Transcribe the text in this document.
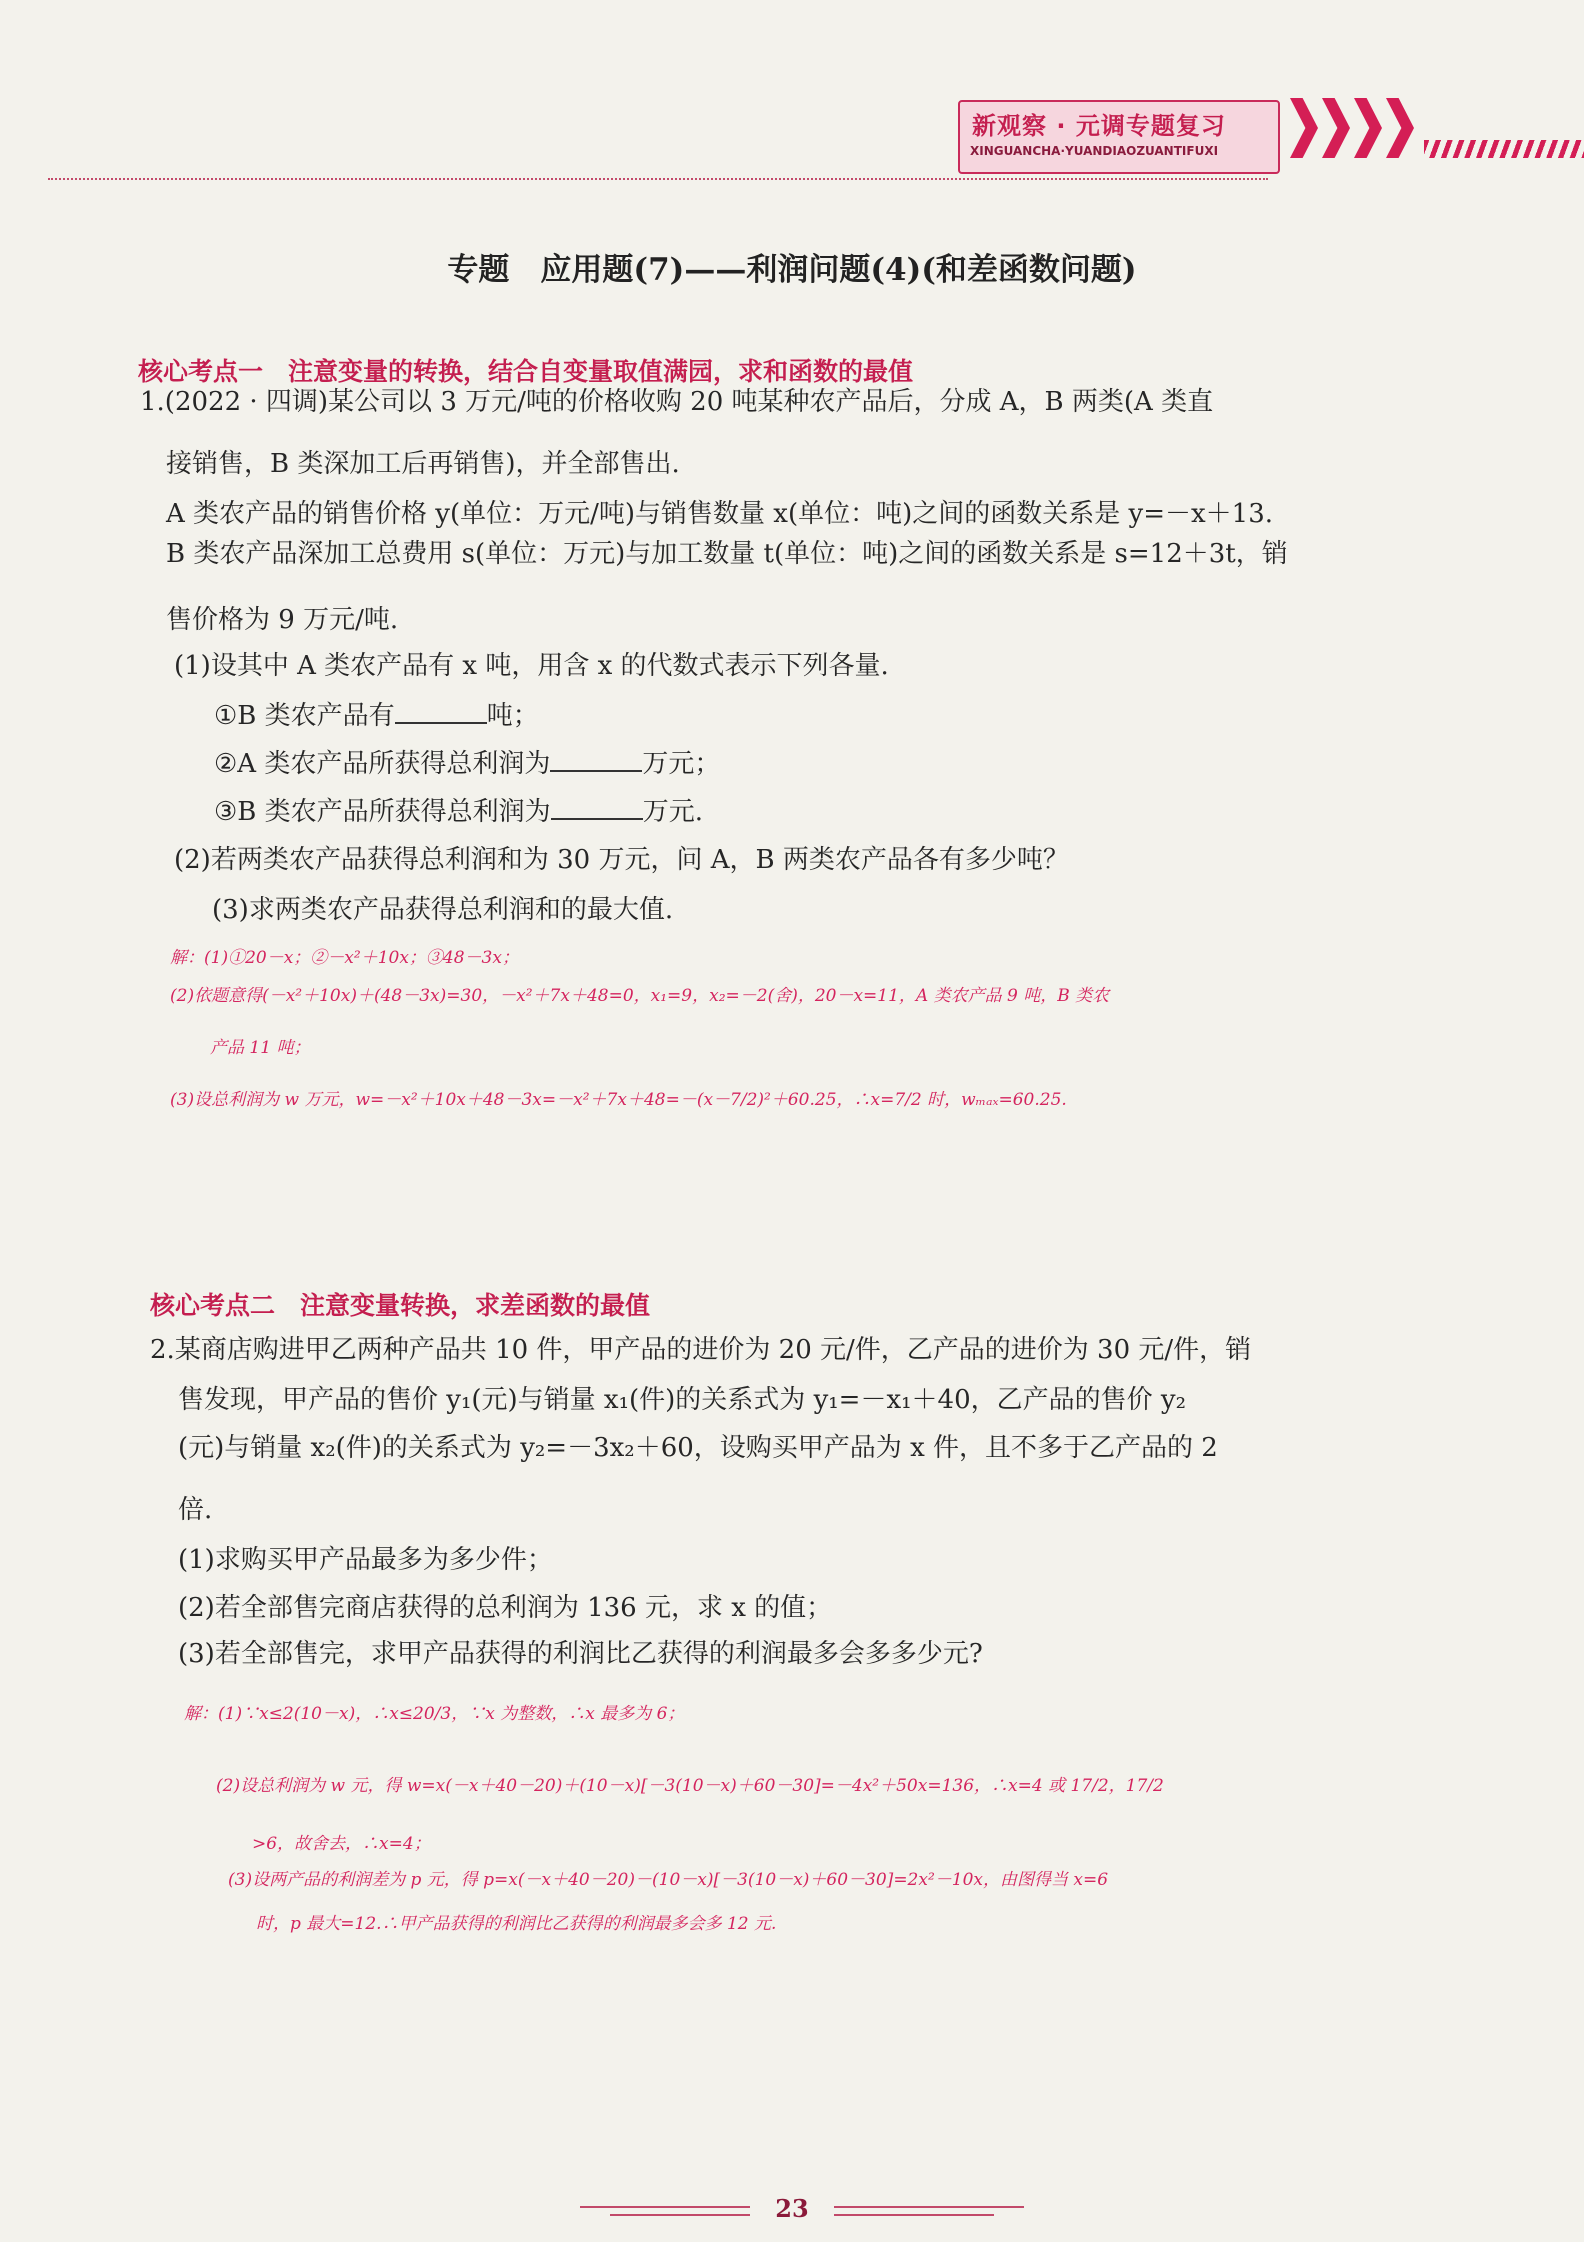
新观察 · 元调专题复习
XINGUANCHA·YUANDIAOZUANTIFUXI
专题　应用题(7)——利润问题(4)(和差函数问题)
核心考点一　注意变量的转换，结合自变量取值满园，求和函数的最值
1.(2022 · 四调)某公司以 3 万元/吨的价格收购 20 吨某种农产品后，分成 A，B 两类(A 类直
接销售，B 类深加工后再销售)，并全部售出.
A 类农产品的销售价格 y(单位：万元/吨)与销售数量 x(单位：吨)之间的函数关系是 y=－x＋13.
B 类农产品深加工总费用 s(单位：万元)与加工数量 t(单位：吨)之间的函数关系是 s=12＋3t，销
售价格为 9 万元/吨.
(1)设其中 A 类农产品有 x 吨，用含 x 的代数式表示下列各量.
①B 类农产品有	吨；
②A 类农产品所获得总利润为	万元；
③B 类农产品所获得总利润为	万元.
(2)若两类农产品获得总利润和为 30 万元，问 A，B 两类农产品各有多少吨？
(3)求两类农产品获得总利润和的最大值.
解：(1)①20－x；②－x²＋10x；③48－3x；
(2)依题意得(－x²＋10x)＋(48－3x)=30，－x²＋7x＋48=0，x₁=9，x₂=－2(舍)，20－x=11，A 类农产品 9 吨，B 类农
产品 11 吨；
(3)设总利润为 w 万元，w=－x²＋10x＋48－3x=－x²＋7x＋48=－(x－7/2)²＋60.25，∴x=7/2 时，wₘₐₓ=60.25.
核心考点二　注意变量转换，求差函数的最值
2.某商店购进甲乙两种产品共 10 件，甲产品的进价为 20 元/件，乙产品的进价为 30 元/件，销
售发现，甲产品的售价 y₁(元)与销量 x₁(件)的关系式为 y₁=－x₁＋40，乙产品的售价 y₂
(元)与销量 x₂(件)的关系式为 y₂=－3x₂＋60，设购买甲产品为 x 件，且不多于乙产品的 2
倍.
(1)求购买甲产品最多为多少件；
(2)若全部售完商店获得的总利润为 136 元，求 x 的值；
(3)若全部售完，求甲产品获得的利润比乙获得的利润最多会多多少元?
解：(1)∵x≤2(10－x)，∴x≤20/3，∵x 为整数，∴x 最多为 6；
(2)设总利润为 w 元，得 w=x(－x＋40－20)＋(10－x)[－3(10－x)＋60－30]=－4x²＋50x=136，∴x=4 或 17/2，17/2
>6，故舍去，∴x=4；
(3)设两产品的利润差为 p 元，得 p=x(－x＋40－20)－(10－x)[－3(10－x)＋60－30]=2x²－10x，由图得当 x=6
时，p 最大=12.∴甲产品获得的利润比乙获得的利润最多会多 12 元.
23
